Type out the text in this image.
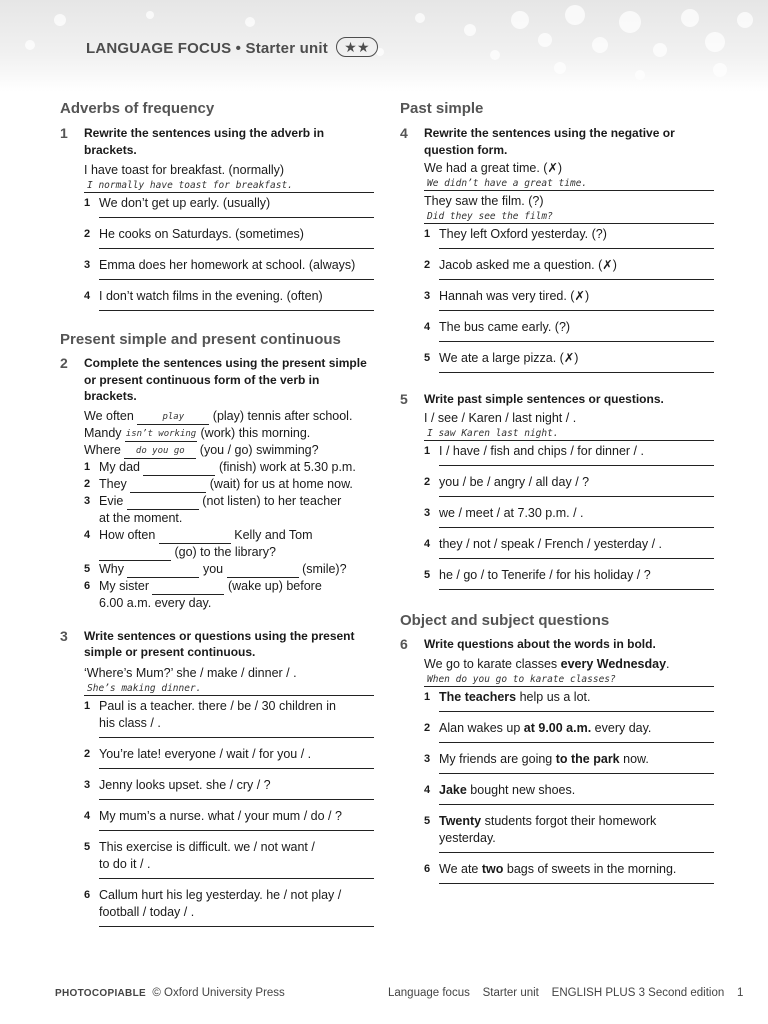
LANGUAGE FOCUS • Starter unit ★★
Adverbs of frequency
1 Rewrite the sentences using the adverb in brackets.
I have toast for breakfast. (normally)
I normally have toast for breakfast.
1 We don’t get up early. (usually)
2 He cooks on Saturdays. (sometimes)
3 Emma does her homework at school. (always)
4 I don’t watch films in the evening. (often)
Present simple and present continuous
2 Complete the sentences using the present simple or present continuous form of the verb in brackets.
We often	play (play) tennis after school.
Mandy isn’t working (work) this morning.
Where do you go (you / go) swimming?
1 My dad	(finish) work at 5.30 p.m.
2 They	(wait) for us at home now.
3 Evie	(not listen) to her teacher
at the moment.
4 How often	Kelly and Tom
(go) to the library?
5 Why	you	(smile)?
6 My sister	(wake up) before
6.00 a.m. every day.
3 Write sentences or questions using the present simple or present continuous.
‘Where’s Mum?’ she / make / dinner / .
She’s making dinner.
1 Paul is a teacher. there / be / 30 children in
his class / .
2 You’re late! everyone / wait / for you / .
3 Jenny looks upset. she / cry / ?
4 My mum’s a nurse. what / your mum / do / ?
5 This exercise is difficult. we / not want /
to do it / .
6 Callum hurt his leg yesterday. he / not play /
football / today / .
Past simple
4 Rewrite the sentences using the negative or question form.
We had a great time. (✗)
We didn’t have a great time.
They saw the film. (?)
Did they see the film?
1 They left Oxford yesterday. (?)
2 Jacob asked me a question. (✗)
3 Hannah was very tired. (✗)
4 The bus came early. (?)
5 We ate a large pizza. (✗)
5 Write past simple sentences or questions.
I / see / Karen / last night / .
I saw Karen last night.
1 I / have / fish and chips / for dinner / .
2 you / be / angry / all day / ?
3 we / meet / at 7.30 p.m. / .
4 they / not / speak / French / yesterday / .
5 he / go / to Tenerife / for his holiday / ?
Object and subject questions
6 Write questions about the words in bold.
We go to karate classes every Wednesday.
When do you go to karate classes?
1 The teachers help us a lot.
2 Alan wakes up at 9.00 a.m. every day.
3 My friends are going to the park now.
4 Jake bought new shoes.
5 Twenty students forgot their homework
yesterday.
6 We ate two bags of sweets in the morning.
PHOTOCOPIABLE © Oxford University Press	Language focus    Starter unit    ENGLISH PLUS 3 Second edition 1
